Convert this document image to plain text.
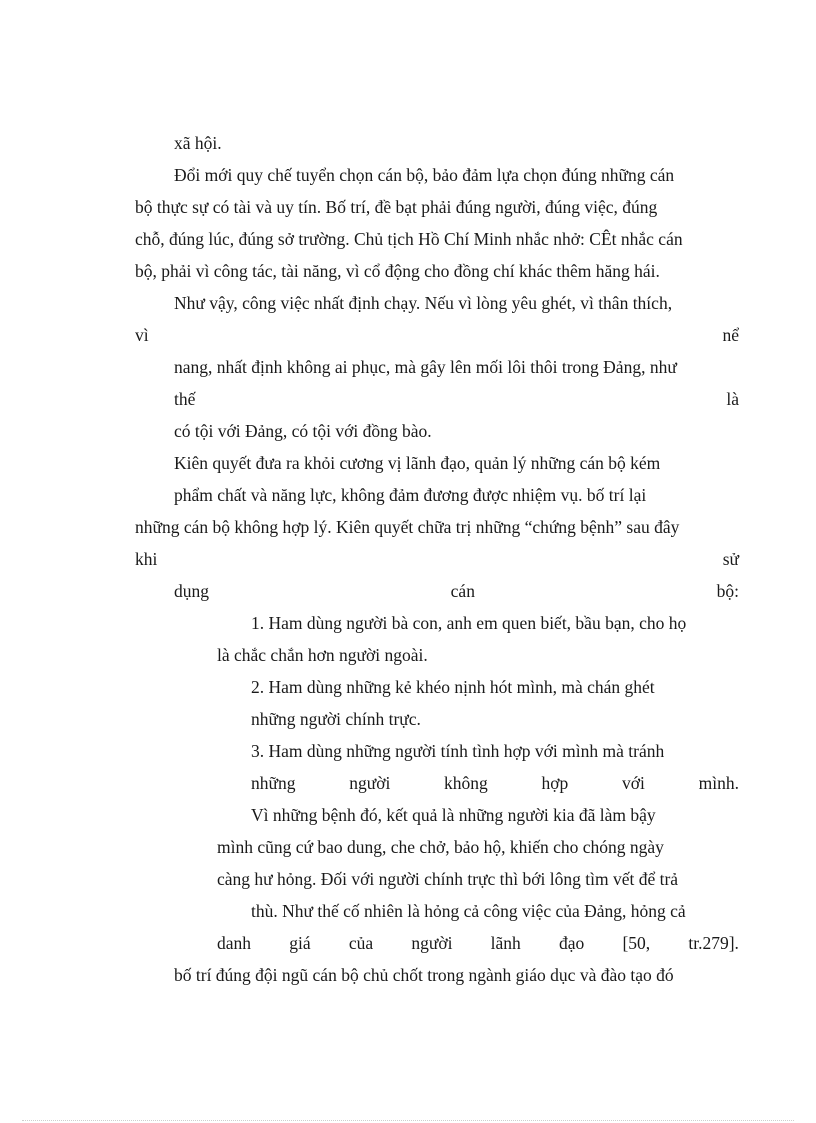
xã hội.
Đổi mới quy chế tuyển chọn cán bộ, bảo đảm lựa chọn đúng những cán
bộ thực sự có tài và uy tín. Bố trí, đề bạt phải đúng người, đúng việc, đúng
chỗ, đúng lúc, đúng sở trường. Chủ tịch Hồ Chí Minh nhắc nhở: CÊt nhắc cán
bộ, phải vì công tác, tài năng, vì cổ động cho đồng chí khác thêm hăng hái.
Như vậy, công việc nhất định chạy. Nếu vì lòng yêu ghét, vì thân thích,
vì	nể
nang, nhất định không ai phục, mà gây lên mối lôi thôi trong Đảng, như
thế	là
có tội với Đảng, có tội với đồng bào.
Kiên quyết đưa ra khỏi cương vị lãnh đạo, quản lý những cán bộ kém
phẩm chất và năng lực, không đảm đương được nhiệm vụ. bố trí lại
những cán bộ không hợp lý. Kiên quyết chữa trị những “chứng bệnh” sau đây
khi	sử
dụng	cán	bộ:
1. Ham dùng người bà con, anh em quen biết, bầu bạn, cho họ
là chắc chắn hơn người ngoài.
2. Ham dùng những kẻ khéo nịnh hót mình, mà chán ghét
những người chính trực.
3. Ham dùng những người tính tình hợp với mình mà tránh
những	người	không	hợp	với	mình.
Vì những bệnh đó, kết quả là những người kia đã làm bậy
mình cũng cứ bao dung, che chở, bảo hộ, khiến cho chóng ngày
càng hư hỏng. Đối với người chính trực thì bới lông tìm vết để trả
thù. Như thế cố nhiên là hỏng cả công việc của Đảng, hỏng cả
danh giá của người lãnh đạo [50, tr.279].
bố trí đúng đội ngũ cán bộ chủ chốt trong ngành giáo dục và đào tạo đó
